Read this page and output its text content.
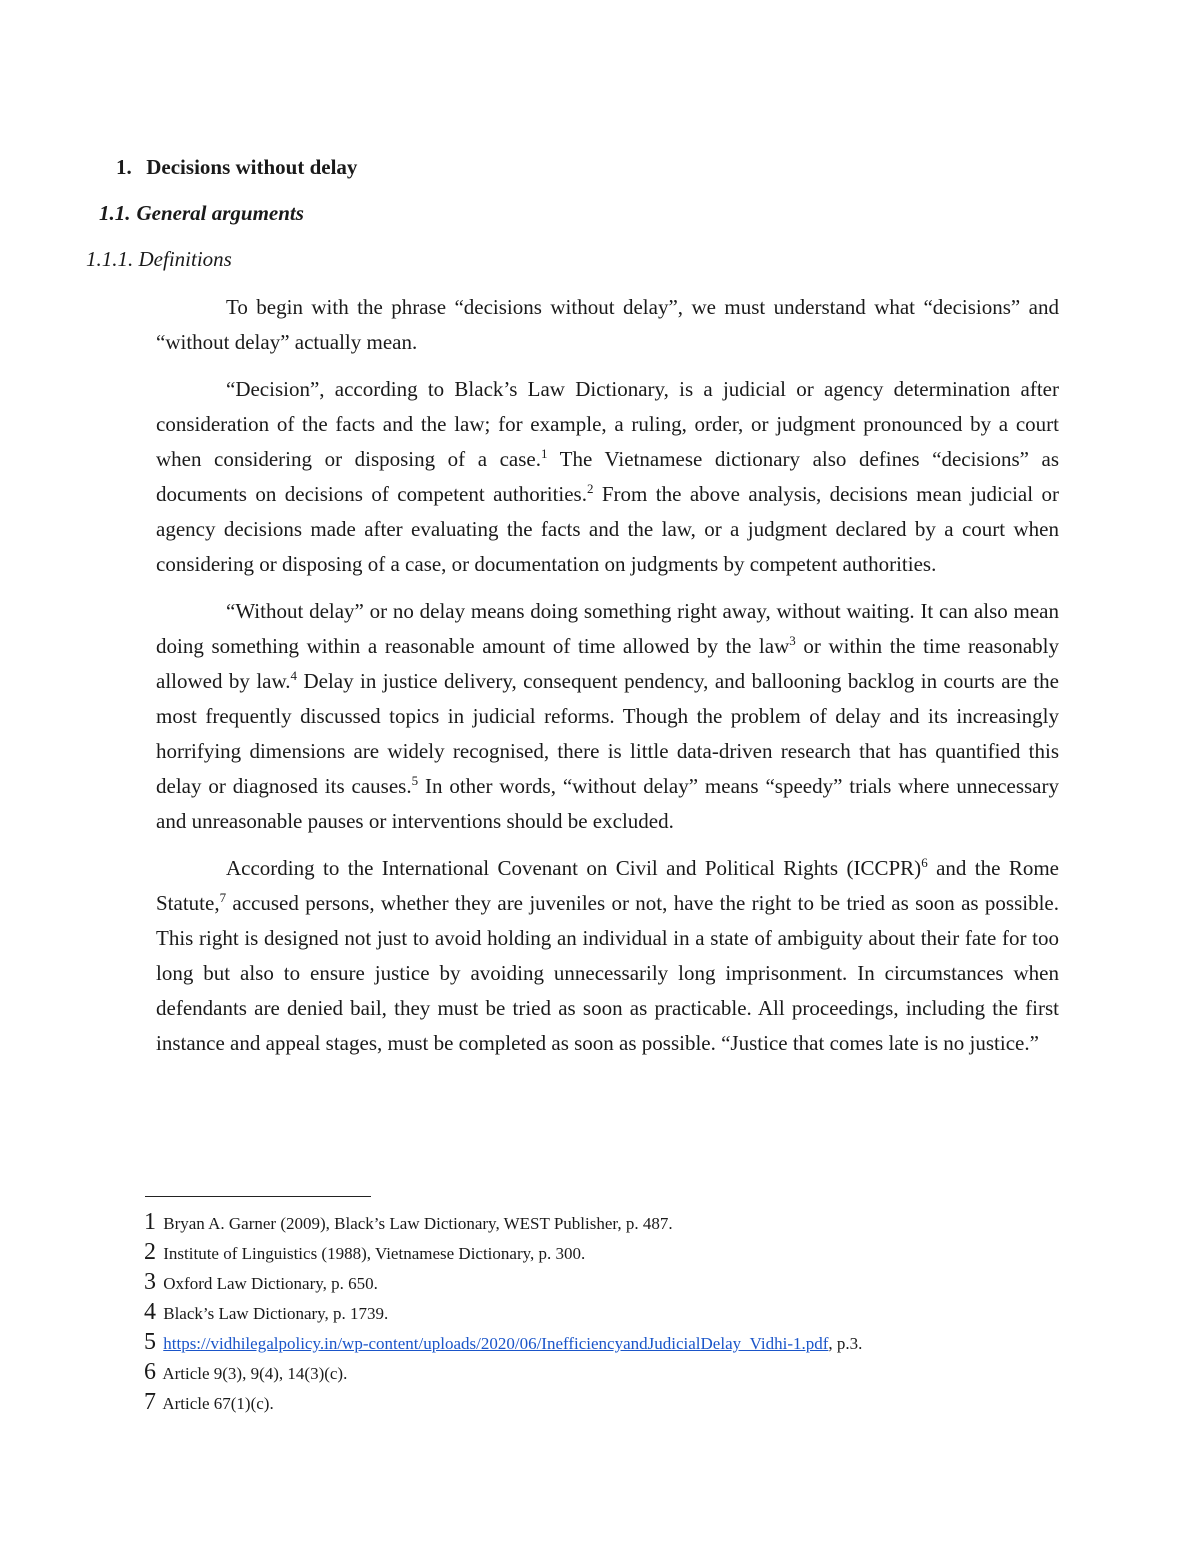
1. Decisions without delay
1.1. General arguments
1.1.1. Definitions

To begin with the phrase “decisions without delay”, we must understand what “decisions” and “without delay” actually mean.

“Decision”, according to Black’s Law Dictionary, is a judicial or agency determination after consideration of the facts and the law; for example, a ruling, order, or judgment pronounced by a court when considering or disposing of a case.$^1$ The Vietnamese dictionary also defines “decisions” as documents on decisions of competent authorities.$^2$ From the above analysis, decisions mean judicial or agency decisions made after evaluating the facts and the law, or a judgment declared by a court when considering or disposing of a case, or documentation on judgments by competent authorities.

“Without delay” or no delay means doing something right away, without waiting. It can also mean doing something within a reasonable amount of time allowed by the law$^3$ or within the time reasonably allowed by law.$^4$ Delay in justice delivery, consequent pendency, and ballooning backlog in courts are the most frequently discussed topics in judicial reforms. Though the problem of delay and its increasingly horrifying dimensions are widely recognised, there is little data-driven research that has quantified this delay or diagnosed its causes.$^5$ In other words, “without delay” means “speedy” trials where unnecessary and unreasonable pauses or interventions should be excluded.

According to the International Covenant on Civil and Political Rights (ICCPR)$^6$ and the Rome Statute,$^7$ accused persons, whether they are juveniles or not, have the right to be tried as soon as possible. This right is designed not just to avoid holding an individual in a state of ambiguity about their fate for too long but also to ensure justice by avoiding unnecessarily long imprisonment. In circumstances when defendants are denied bail, they must be tried as soon as practicable. All proceedings, including the first instance and appeal stages, must be completed as soon as possible. “Justice that comes late is no justice.”

1 Bryan A. Garner (2009), Black’s Law Dictionary, WEST Publisher, p. 487.
2 Institute of Linguistics (1988), Vietnamese Dictionary, p. 300.
3 Oxford Law Dictionary, p. 650.
4 Black’s Law Dictionary, p. 1739.
5 https://vidhilegalpolicy.in/wp-content/uploads/2020/06/InefficiencyandJudicialDelay_Vidhi-1.pdf, p.3.
6 Article 9(3), 9(4), 14(3)(c).
7 Article 67(1)(c).
